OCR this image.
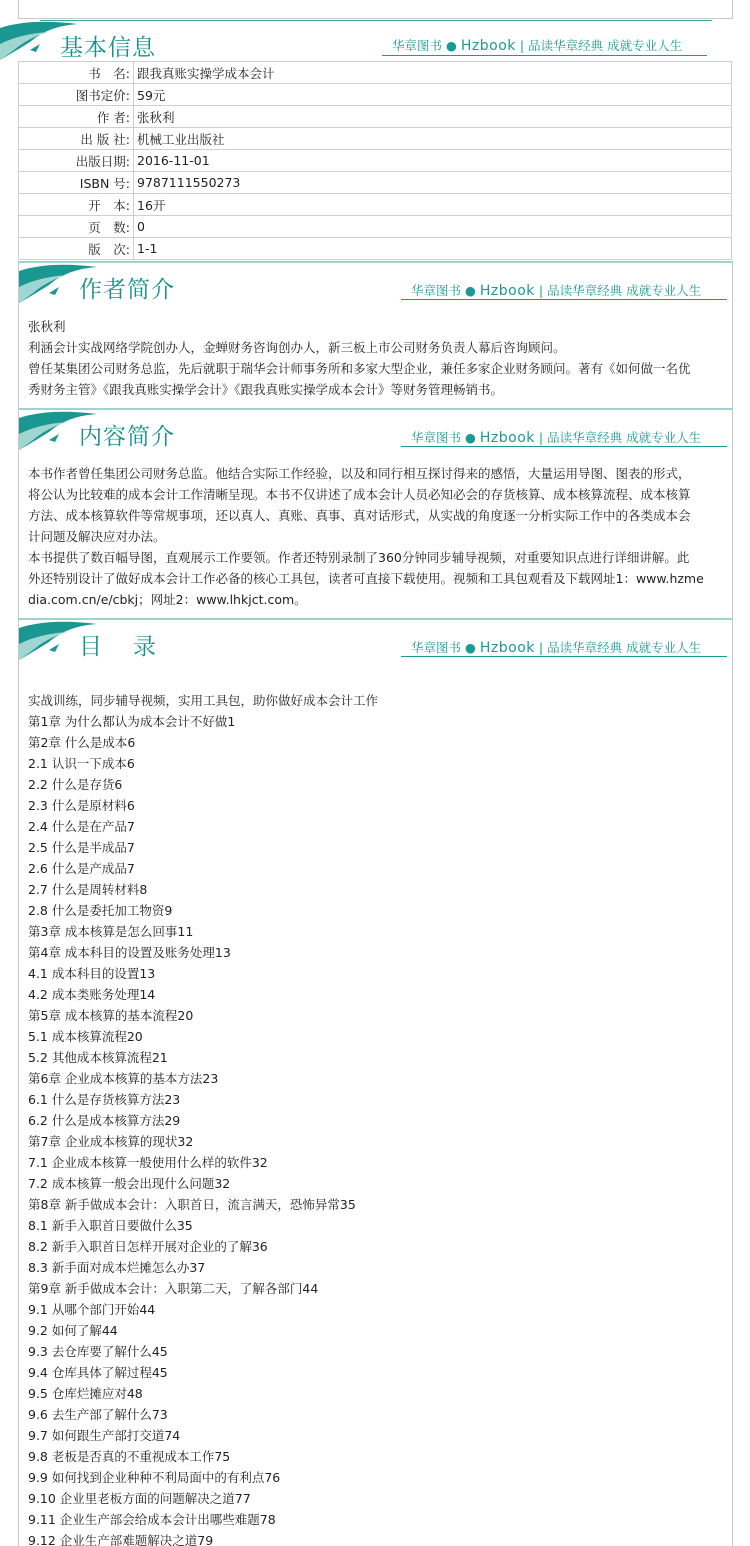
基本信息	华章图书 ● Hzbook | 品读华章经典 成就专业人生
书　名:	跟我真账实操学成本会计
图书定价:	59元
作 者:	张秋利
出 版 社:	机械工业出版社
出版日期:	2016-11-01
ISBN 号:	9787111550273
开　本:	16开
页　数:	0
版　次:	1-1
作者简介	华章图书 ● Hzbook | 品读华章经典 成就专业人生

张秋利

利涵会计实战网络学院创办人，金蝉财务咨询创办人，新三板上市公司财务负责人幕后咨询顾问。

曾任某集团公司财务总监，先后就职于瑞华会计师事务所和多家大型企业，兼任多家企业财务顾问。著有《如何做一名优

秀财务主管》《跟我真账实操学会计》《跟我真账实操学成本会计》等财务管理畅销书。

内容简介	华章图书 ● Hzbook | 品读华章经典 成就专业人生

本书作者曾任集团公司财务总监。他结合实际工作经验，以及和同行相互探讨得来的感悟，大量运用导图、图表的形式，

将公认为比较难的成本会计工作清晰呈现。本书不仅讲述了成本会计人员必知必会的存货核算、成本核算流程、成本核算

方法、成本核算软件等常规事项，还以真人、真账、真事、真对话形式，从实战的角度逐一分析实际工作中的各类成本会

计问题及解决应对办法。

本书提供了数百幅导图，直观展示工作要领。作者还特别录制了360分钟同步辅导视频，对重要知识点进行详细讲解。此

外还特别设计了做好成本会计工作必备的核心工具包，读者可直接下载使用。视频和工具包观看及下载网址1：www.hzme

dia.com.cn/e/cbkj；网址2：www.lhkjct.com。

目　录	华章图书 ● Hzbook | 品读华章经典 成就专业人生

实战训练，同步辅导视频，实用工具包，助你做好成本会计工作

第1章 为什么都认为成本会计不好做1

第2章 什么是成本6

2.1 认识一下成本6

2.2 什么是存货6

2.3 什么是原材料6

2.4 什么是在产品7

2.5 什么是半成品7

2.6 什么是产成品7

2.7 什么是周转材料8

2.8 什么是委托加工物资9

第3章 成本核算是怎么回事11

第4章 成本科目的设置及账务处理13

4.1 成本科目的设置13

4.2 成本类账务处理14

第5章 成本核算的基本流程20

5.1 成本核算流程20

5.2 其他成本核算流程21

第6章 企业成本核算的基本方法23

6.1 什么是存货核算方法23

6.2 什么是成本核算方法29

第7章 企业成本核算的现状32

7.1 企业成本核算一般使用什么样的软件32

7.2 成本核算一般会出现什么问题32

第8章 新手做成本会计：入职首日，流言满天，恐怖异常35

8.1 新手入职首日要做什么35

8.2 新手入职首日怎样开展对企业的了解36

8.3 新手面对成本烂摊怎么办37

第9章 新手做成本会计：入职第二天，了解各部门44

9.1 从哪个部门开始44

9.2 如何了解44

9.3 去仓库要了解什么45

9.4 仓库具体了解过程45

9.5 仓库烂摊应对48

9.6 去生产部了解什么73

9.7 如何跟生产部打交道74

9.8 老板是否真的不重视成本工作75

9.9 如何找到企业种种不利局面中的有利点76

9.10 企业里老板方面的问题解决之道77

9.11 企业生产部会给成本会计出哪些难题78

9.12 企业生产部难题解决之道79
